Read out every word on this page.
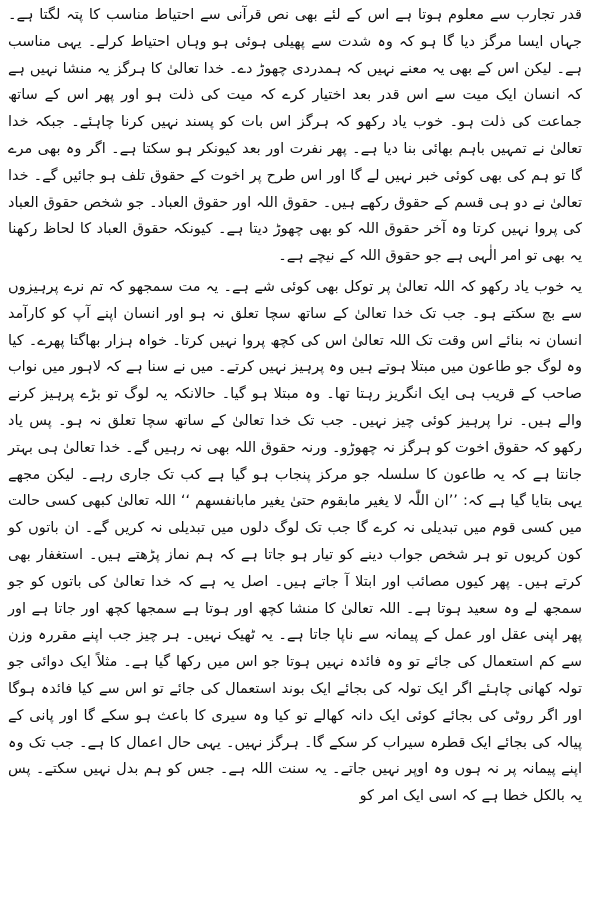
قدر تجارب سے معلوم ہوتا ہے اس کے لئے بھی نص قرآنی سے احتیاط مناسب کا پتہ لگتا ہے۔ جہاں ایسا مرگز دیا گا ہو کہ وہ شدت سے پھیلی ہوئی ہو وہاں احتیاط کرلے۔ یہی مناسب ہے۔ لیکن اس کے بھی یہ معنے نہیں کہ ہمدردی چھوڑ دے۔ خدا تعالیٰ کا ہرگز یہ منشا نہیں ہے کہ انسان ایک میت سے اس قدر بعد اختیار کرے کہ میت کی ذلت ہو اور پھر اس کے ساتھ جماعت کی ذلت ہو۔ خوب یاد رکھو کہ ہرگز اس بات کو پسند نہیں کرنا چاہئے۔ جبکہ خدا تعالیٰ نے تمہیں باہم بھائی بنا دیا ہے۔ پھر نفرت اور بعد کیونکر ہو سکتا ہے۔ اگر وہ بھی مرے گا تو ہم کی بھی کوئی خبر نہیں لے گا اور اس طرح پر اخوت کے حقوق تلف ہو جائیں گے۔ خدا تعالیٰ نے دو ہی قسم کے حقوق رکھے ہیں۔ حقوق اللہ اور حقوق العباد۔ جو شخص حقوق العباد کی پروا نہیں کرتا وہ آخر حقوق اللہ کو بھی چھوڑ دیتا ہے۔ کیونکہ حقوق العباد کا لحاظ رکھنا یہ بھی تو امر الٰہی ہے جو حقوق اللہ کے نیچے ہے۔

یہ خوب یاد رکھو کہ اللہ تعالیٰ پر توکل بھی کوئی شے ہے۔ یہ مت سمجھو کہ تم نرے پرہیزوں سے بچ سکتے ہو۔ جب تک خدا تعالیٰ کے ساتھ سچا تعلق نہ ہو اور انسان اپنے آپ کو کارآمد انسان نہ بنائے اس وقت تک اللہ تعالیٰ اس کی کچھ پروا نہیں کرتا۔ خواہ ہزار بھاگتا پھرے۔ کیا وہ لوگ جو طاعون میں مبتلا ہوتے ہیں وہ پرہیز نہیں کرتے۔ میں نے سنا ہے کہ لاہور میں نواب صاحب کے قریب ہی ایک انگریز رہتا تھا۔ وہ مبتلا ہو گیا۔ حالانکہ یہ لوگ تو بڑے پرہیز کرنے والے ہیں۔ نرا پرہیز کوئی چیز نہیں۔ جب تک خدا تعالیٰ کے ساتھ سچا تعلق نہ ہو۔ پس یاد رکھو کہ حقوق اخوت کو ہرگز نہ چھوڑو۔ ورنہ حقوق اللہ بھی نہ رہیں گے۔ خدا تعالیٰ ہی بہتر جانتا ہے کہ یہ طاعون کا سلسلہ جو مرکز پنجاب ہو گیا ہے کب تک جاری رہے۔ لیکن مجھے یہی بتایا گیا ہے کہ: ’’ان اللّٰہ لا یغیر مابقوم حتیٰ یغیر مابانفسھم ‘‘ اللہ تعالیٰ کبھی کسی حالت میں کسی قوم میں تبدیلی نہ کرے گا جب تک لوگ دلوں میں تبدیلی نہ کریں گے۔ ان باتوں کو کون کریوں تو ہر شخص جواب دینے کو تیار ہو جاتا ہے کہ ہم نماز پڑھتے ہیں۔ استغفار بھی کرتے ہیں۔ پھر کیوں مصائب اور ابتلا آ جاتے ہیں۔ اصل یہ ہے کہ خدا تعالیٰ کی باتوں کو جو سمجھ لے وہ سعید ہوتا ہے۔ اللہ تعالیٰ کا منشا کچھ اور ہوتا ہے سمجھا کچھ اور جاتا ہے اور پھر اپنی عقل اور عمل کے پیمانہ سے ناپا جاتا ہے۔ یہ ٹھیک نہیں۔ ہر چیز جب اپنے مقررہ وزن سے کم استعمال کی جائے تو وہ فائدہ نہیں ہوتا جو اس میں رکھا گیا ہے۔ مثلاً ایک دوائی جو تولہ کھانی چاہئے اگر ایک تولہ کی بجائے ایک بوند استعمال کی جائے تو اس سے کیا فائدہ ہوگا اور اگر روٹی کی بجائے کوئی ایک دانہ کھالے تو کیا وہ سیری کا باعث ہو سکے گا اور پانی کے پیالہ کی بجائے ایک قطرہ سیراب کر سکے گا۔ ہرگز نہیں۔ یہی حال اعمال کا ہے۔ جب تک وہ اپنے پیمانہ پر نہ ہوں وہ اوپر نہیں جاتے۔ یہ سنت اللہ ہے۔ جس کو ہم بدل نہیں سکتے۔ پس یہ بالکل خطا ہے کہ اسی ایک امر کو
